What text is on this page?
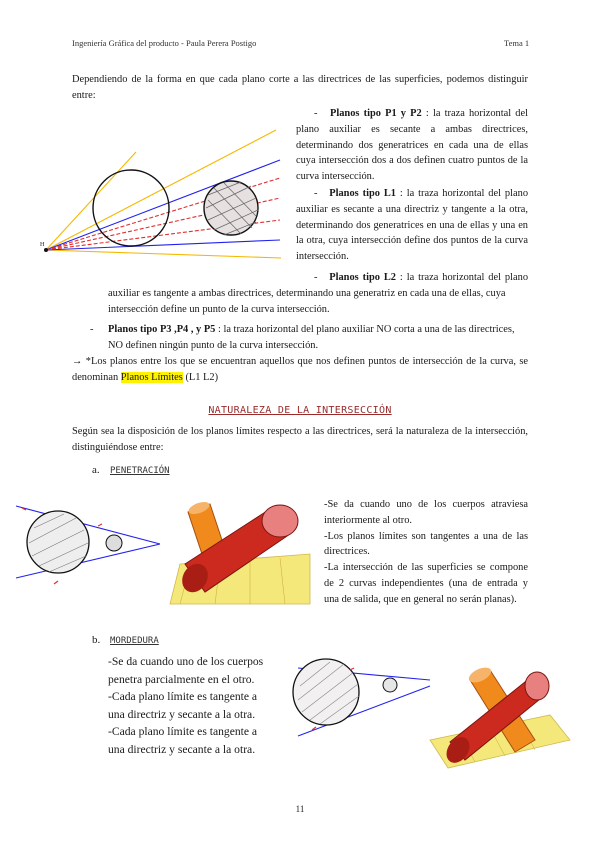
Ingeniería Gráfica del producto - Paula Perera Postigo	Tema 1
Dependiendo de la forma en que cada plano corte a las directrices de las superficies, podemos distinguir entre:
H
- Planos tipo P1 y P2 : la traza horizontal del plano auxiliar es secante a ambas directrices, determinando dos generatrices en cada una de ellas cuya intersección dos a dos definen cuatro puntos de la curva intersección.
- Planos tipo L1 : la traza horizontal del plano auxiliar es secante a una directriz y tangente a la otra, determinando dos generatrices en una de ellas y una en la otra, cuya intersección define dos puntos de la curva intersección.
- Planos tipo L2 : la traza horizontal del plano
auxiliar es tangente a ambas directrices, determinando una generatriz en cada una de ellas, cuya intersección define un punto de la curva intersección.
- Planos tipo P3 ,P4 , y P5 : la traza horizontal del plano auxiliar NO corta a una de las directrices, NO definen ningún punto de la curva intersección.
→ *Los planos entre los que se encuentran aquellos que nos definen puntos de intersección de la curva, se denominan Planos Límites (L1 L2)
NATURALEZA DE LA INTERSECCIÓN
Según sea la disposición de los planos límites respecto a las directrices, será la naturaleza de la intersección, distinguiéndose entre:
a. PENETRACIÓN
-Se da cuando uno de los cuerpos atraviesa interiormente al otro.
-Los planos límites son tangentes a una de las directrices.
-La intersección de las superficies se compone de 2 curvas independientes (una de entrada y una de salida, que en general no serán planas).
b. MORDEDURA
-Se da cuando uno de los cuerpos
penetra parcialmente en el otro.
-Cada plano límite es tangente a
una directriz y secante a la otra.
-Cada plano límite es tangente a
una directriz y secante a la otra.
11
